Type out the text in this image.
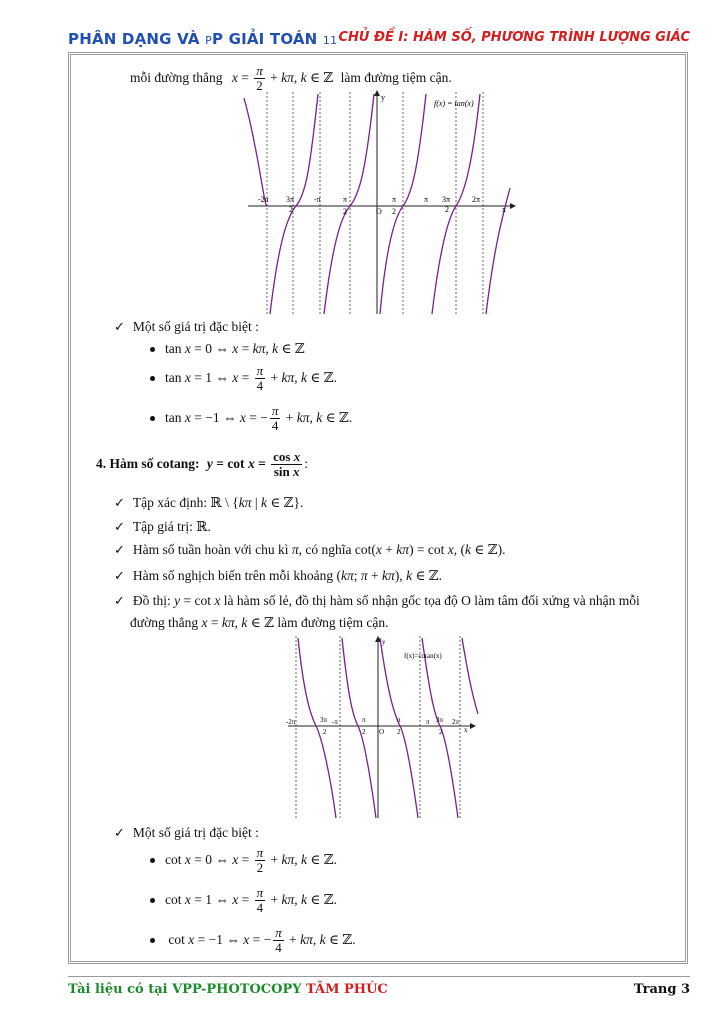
PHÂN DẠNG VÀ PP GIẢI TOÁN 11 CHỦ ĐỀ I: HÀM SỐ, PHƯƠNG TRÌNH LƯỢNG GIÁC
mỗi đường thẳng $x = \frac{\pi}{2} + k\pi$, k ∈ ℤ làm đường tiệm cận.
f(x) = tan(x)
-2π 3π
2
-π	π
2	O
π
2
π 3π
2
2π
x
y
✓ Một số giá trị đặc biệt :
tan x = 0 ⇔ x = kπ, k ∈ ℤ
tan x = 1 ⇔ $x = \frac{\pi}{4} + k\pi$, k ∈ ℤ.
tan x = −1 ⇔ x = − $\frac{\pi}{4} + k\pi$, k ∈ ℤ.
4. Hàm số cotang: $y = \cot x = \frac{\text{cos x}}{\text{sin x}}$ :
✓ Tập xác định: ℝ \ {kπ | k ∈ ℤ}.
✓ Tập giá trị: ℝ.
✓ Hàm số tuần hoàn với chu kì π, có nghĩa cot(x + kπ) = cot x, (k ∈ ℤ).
✓ Hàm số nghịch biến trên mỗi khoảng (kπ; π + kπ), k ∈ ℤ.
✓ Đồ thị: y = cot x là hàm số lẻ, đồ thị hàm số nhận gốc tọa độ O làm tâm đối xứng và nhận mỗi
đường thẳng x = kπ, k ∈ ℤ làm đường tiệm cận.
f(x)=cotan(x)
-2π	3π
2
-π	π
2 O
π
2
π 3π
2
2π
x
y
✓ Một số giá trị đặc biệt :
cot x = 0 ⇔ $x = \frac{\pi}{2} + k\pi$, k ∈ ℤ.
cot x = 1 ⇔ $x = \frac{\pi}{4} + k\pi$, k ∈ ℤ.
cot x = −1 ⇔ x = − $\frac{\pi}{4} + k\pi$, k ∈ ℤ.
Tài liệu có tại VPP-PHOTOCOPY TÂM PHÚC	Trang 3
